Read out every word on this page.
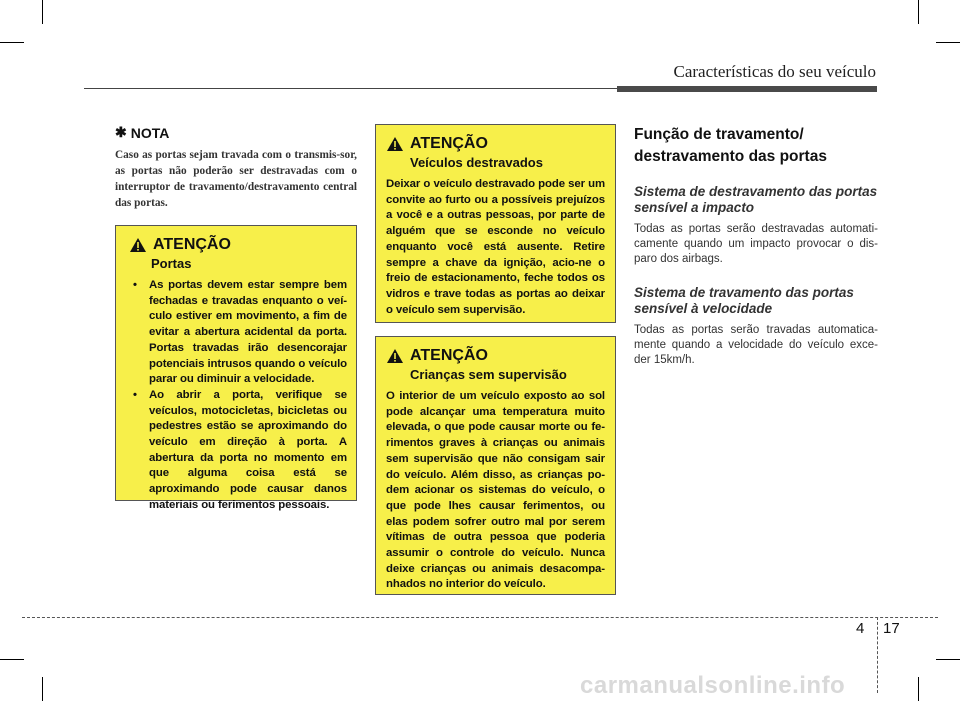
Características do seu veículo
✱ NOTA
Caso as portas sejam travada com o transmis-sor, as portas não poderão ser destravadas com o interruptor de travamento/destravamento central das portas.
ATENÇÃO
Portas
• As portas devem estar sempre bem fechadas e travadas enquanto o veí-culo estiver em movimento, a fim de evitar a abertura acidental da porta. Portas travadas irão desencorajar potenciais intrusos quando o veículo parar ou diminuir a velocidade.
• Ao abrir a porta, verifique se veículos, motocicletas, bicicletas ou pedestres estão se aproximando do veículo em direção à porta. A abertura da porta no momento em que alguma coisa está se aproximando pode causar danos materiais ou ferimentos pessoais.
ATENÇÃO
Veículos destravados
Deixar o veículo destravado pode ser um convite ao furto ou a possíveis prejuízos a você e a outras pessoas, por parte de alguém que se esconde no veículo enquanto você está ausente. Retire sempre a chave da ignição, acio-ne o freio de estacionamento, feche todos os vidros e trave todas as portas ao deixar o veículo sem supervisão.
ATENÇÃO
Crianças sem supervisão
O interior de um veículo exposto ao sol pode alcançar uma temperatura muito elevada, o que pode causar morte ou fe-rimentos graves à crianças ou animais sem supervisão que não consigam sair do veículo. Além disso, as crianças po-dem acionar os sistemas do veículo, o que pode lhes causar ferimentos, ou elas podem sofrer outro mal por serem vítimas de outra pessoa que poderia assumir o controle do veículo. Nunca deixe crianças ou animais desacompa-nhados no interior do veículo.
Função de travamento/ destravamento das portas
Sistema de destravamento das portas sensível a impacto
Todas as portas serão destravadas automati-camente quando um impacto provocar o dis-paro dos airbags.
Sistema de travamento das portas sensível à velocidade
Todas as portas serão travadas automatica-mente quando a velocidade do veículo exce-der 15km/h.
4 17
carmanualsonline.info
